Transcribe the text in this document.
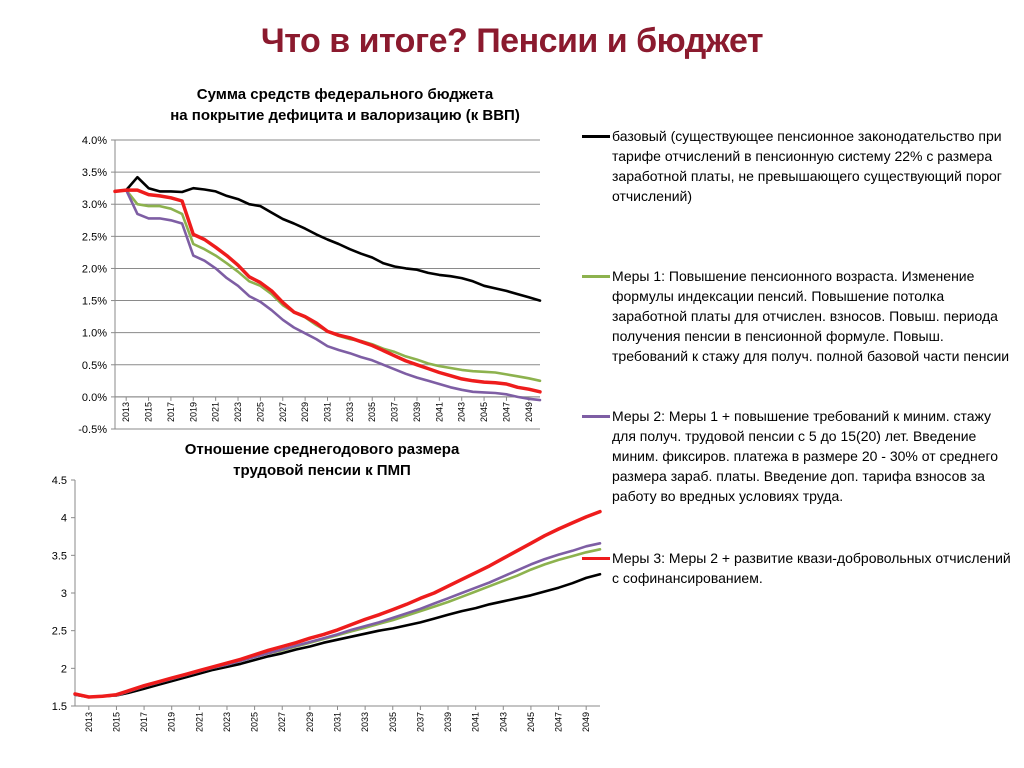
Что в итоге? Пенсии и бюджет
Сумма средств федерального бюджета
на покрытие дефицита и валоризацию (к ВВП)
Отношение среднегодового размера
трудовой пенсии к ПМП
-0.5%
0.0%
0.5%
1.0%
1.5%
2.0%
2.5%
3.0%
3.5%
4.0%
2013 2015 2017 2019 2021 2023 2025 2027 2029 2031 2033 2035 2037 2039 2041 2043 2045 2047 2049
1.5
2
2.5
3
3.5
4
4.5
2013 2015 2017 2019 2021 2023 2025 2027 2029 2031 2033 2035 2037 2039 2041 2043 2045 2047 2049
базовый (существующее пенсионное законодательство при тарифе отчислений в пенсионную систему 22% с размера заработной платы, не превышающего существующий порог отчислений)
Меры 1: Повышение пенсионного возраста. Изменение формулы индексации пенсий. Повышение потолка заработной платы для отчислен. взносов. Повыш. периода получения пенсии в пенсионной формуле. Повыш. требований к стажу для получ. полной базовой части пенсии
Меры 2: Меры 1 + повышение требований к миним. стажу для получ. трудовой пенсии с 5 до 15(20) лет. Введение миним. фиксиров. платежа в размере 20 - 30% от среднего размера зараб. платы. Введение доп. тарифа взносов за работу во вредных условиях труда.
Меры 3: Меры 2 + развитие квази-добровольных отчислений с софинансированием.
